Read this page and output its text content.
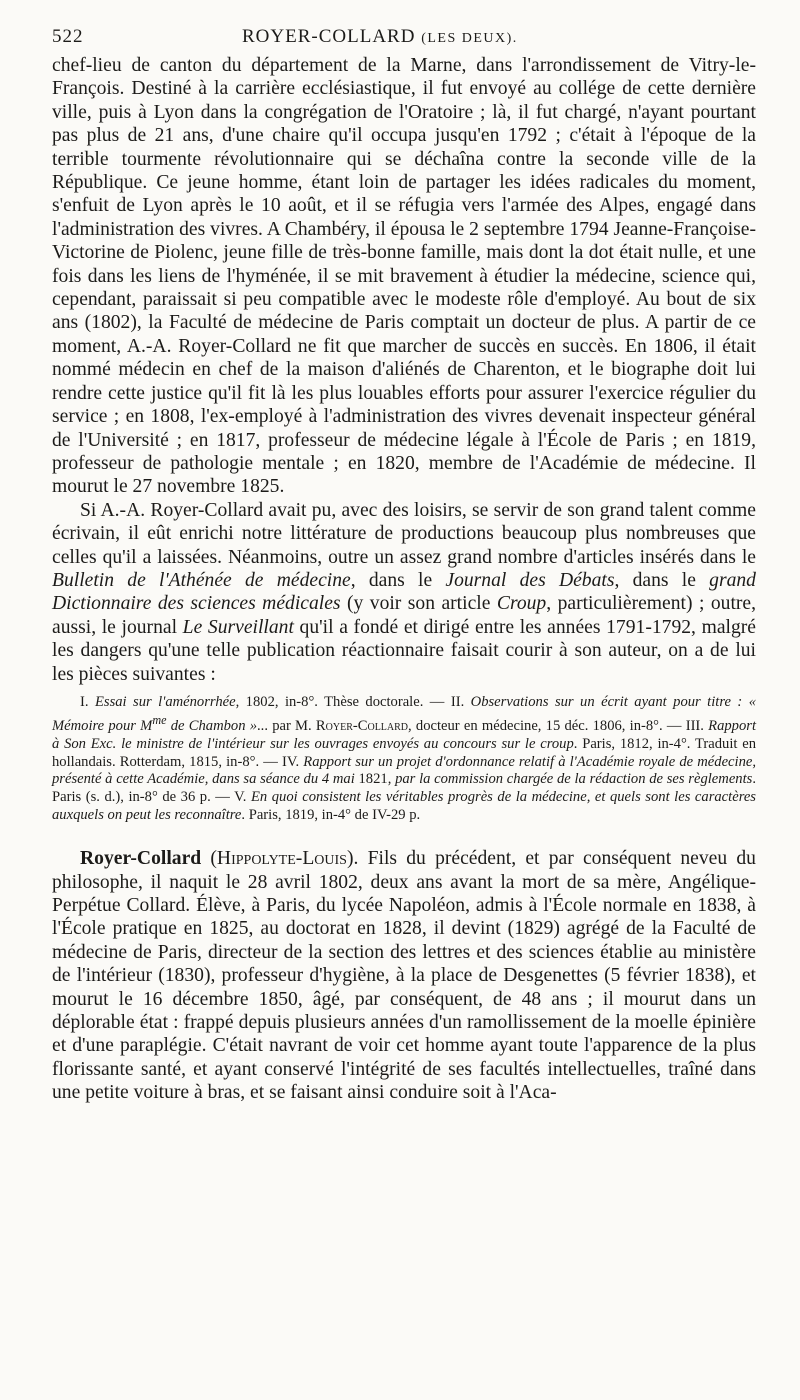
522	ROYER-COLLARD (LES DEUX).

chef-lieu de canton du département de la Marne, dans l'arrondissement de Vitry-le-François. Destiné à la carrière ecclésiastique, il fut envoyé au collége de cette dernière ville, puis à Lyon dans la congrégation de l'Oratoire ; là, il fut chargé, n'ayant pourtant pas plus de 21 ans, d'une chaire qu'il occupa jusqu'en 1792 ; c'était à l'époque de la terrible tourmente révolutionnaire qui se déchaîna contre la seconde ville de la République. Ce jeune homme, étant loin de partager les idées radicales du moment, s'enfuit de Lyon après le 10 août, et il se réfugia vers l'armée des Alpes, engagé dans l'administration des vivres. A Chambéry, il épousa le 2 septembre 1794 Jeanne-Françoise-Victorine de Piolenc, jeune fille de très-bonne famille, mais dont la dot était nulle, et une fois dans les liens de l'hyménée, il se mit bravement à étudier la médecine, science qui, cependant, paraissait si peu compatible avec le modeste rôle d'employé. Au bout de six ans (1802), la Faculté de médecine de Paris comptait un docteur de plus. A partir de ce moment, A.-A. Royer-Collard ne fit que marcher de succès en succès. En 1806, il était nommé médecin en chef de la maison d'aliénés de Charenton, et le biographe doit lui rendre cette justice qu'il fit là les plus louables efforts pour assurer l'exercice régulier du service ; en 1808, l'ex-employé à l'administration des vivres devenait inspecteur général de l'Université ; en 1817, professeur de médecine légale à l'École de Paris ; en 1819, professeur de pathologie mentale ; en 1820, membre de l'Académie de médecine. Il mourut le 27 novembre 1825.

Si A.-A. Royer-Collard avait pu, avec des loisirs, se servir de son grand talent comme écrivain, il eût enrichi notre littérature de productions beaucoup plus nombreuses que celles qu'il a laissées. Néanmoins, outre un assez grand nombre d'articles insérés dans le Bulletin de l'Athénée de médecine, dans le Journal des Débats, dans le grand Dictionnaire des sciences médicales (y voir son article Croup, particulièrement) ; outre, aussi, le journal Le Surveillant qu'il a fondé et dirigé entre les années 1791-1792, malgré les dangers qu'une telle publication réactionnaire faisait courir à son auteur, on a de lui les pièces suivantes :

I. Essai sur l'aménorrhée, 1802, in-8°. Thèse doctorale. — II. Observations sur un écrit ayant pour titre : « Mémoire pour $M^{me}$ de Chambon »... par M. Royer-Collard, docteur en médecine, 15 déc. 1806, in-8°. — III. Rapport à Son Exc. le ministre de l'intérieur sur les ouvrages envoyés au concours sur le croup. Paris, 1812, in-4°. Traduit en hollandais. Rotterdam, 1815, in-8°. — IV. Rapport sur un projet d'ordonnance relatif à l'Académie royale de médecine, présenté à cette Académie, dans sa séance du 4 mai 1821, par la commission chargée de la rédaction de ses règlements. Paris (s. d.), in-8° de 36 p. — V. En quoi consistent les véritables progrès de la médecine, et quels sont les caractères auxquels on peut les reconnaître. Paris, 1819, in-4° de IV-29 p.

Royer-Collard (Hippolyte-Louis). Fils du précédent, et par conséquent neveu du philosophe, il naquit le 28 avril 1802, deux ans avant la mort de sa mère, Angélique-Perpétue Collard. Élève, à Paris, du lycée Napoléon, admis à l'École normale en 1838, à l'École pratique en 1825, au doctorat en 1828, il devint (1829) agrégé de la Faculté de médecine de Paris, directeur de la section des lettres et des sciences établie au ministère de l'intérieur (1830), professeur d'hygiène, à la place de Desgenettes (5 février 1838), et mourut le 16 décembre 1850, âgé, par conséquent, de 48 ans ; il mourut dans un déplorable état : frappé depuis plusieurs années d'un ramollissement de la moelle épinière et d'une paraplégie. C'était navrant de voir cet homme ayant toute l'apparence de la plus florissante santé, et ayant conservé l'intégrité de ses facultés intellectuelles, traîné dans une petite voiture à bras, et se faisant ainsi conduire soit à l'Aca-
